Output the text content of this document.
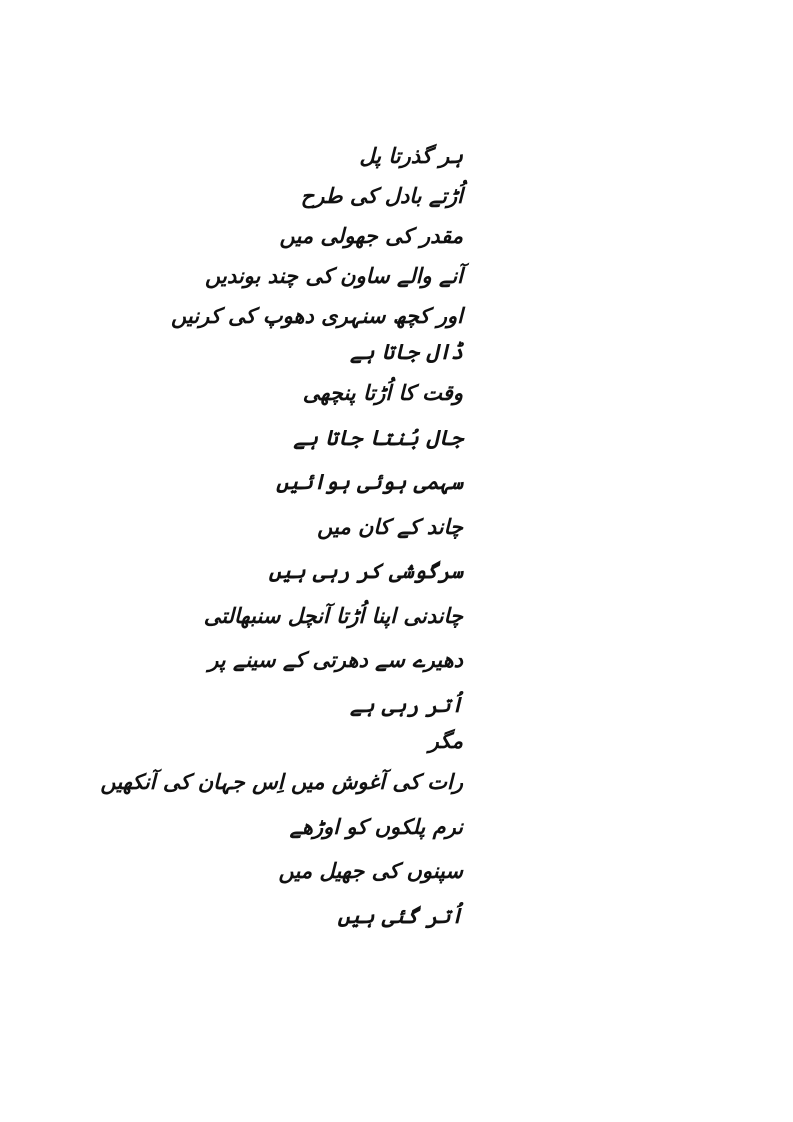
ہر گذرتا پل
اُڑتے بادل کی طرح
مقدر کی جھولی میں
آنے والے ساون کی چند بوندیں
اور کچھ سنہری دھوپ کی کرنیں
ڈال جاتا ہے
وقت کا اُڑتا پنچھی
جال بُنتا جاتا ہے
سہمی ہوئی ہوائیں
چاند کے کان میں
سرگوشی کر رہی ہیں
چاندنی اپنا اُڑتا آنچل سنبھالتی
دھیرے سے دھرتی کے سینے پر
اُتر رہی ہے
مگر
رات کی آغوش میں اِس جہان کی آنکھیں
نرم پلکوں کو اوڑھے
سپنوں کی جھیل میں
اُتر گئی ہیں
